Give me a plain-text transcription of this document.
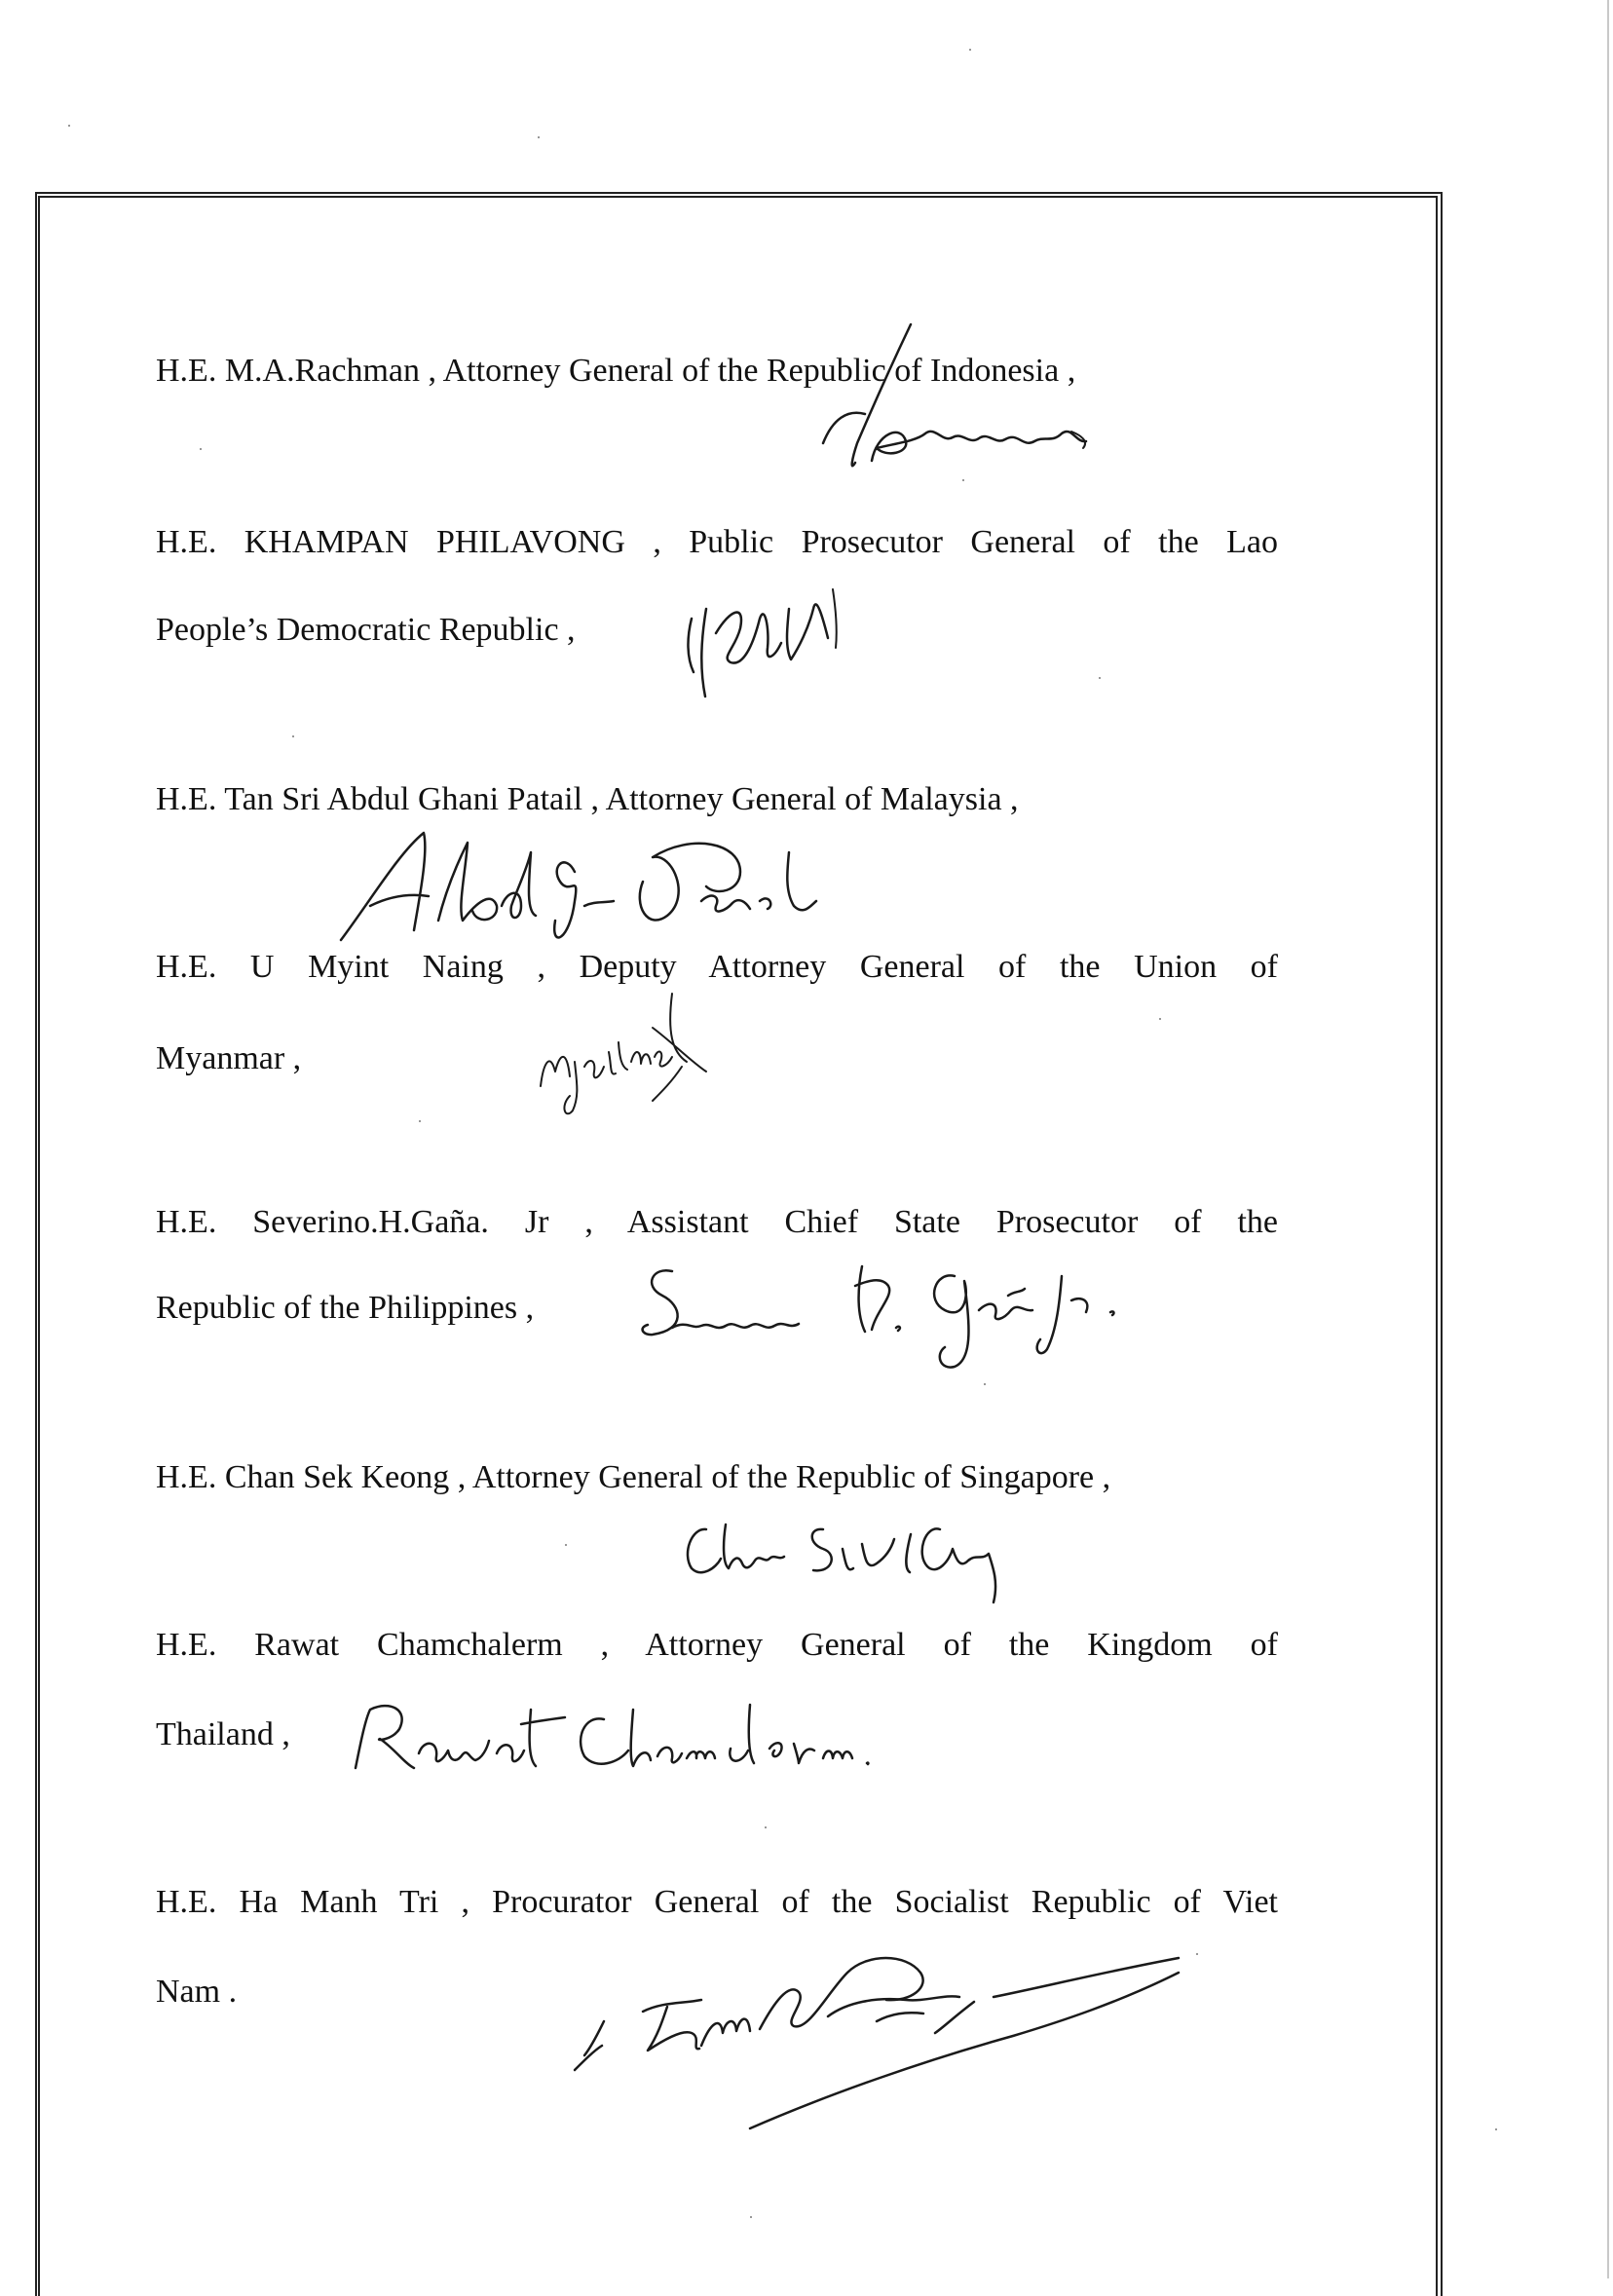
H.E. M.A.Rachman , Attorney General of the Republic of Indonesia ,
H.E. KHAMPAN PHILAVONG , Public Prosecutor General of the Lao
People’s Democratic Republic ,
H.E. Tan Sri Abdul Ghani Patail , Attorney General of Malaysia ,
H.E. U Myint Naing , Deputy Attorney General of the Union of
Myanmar ,
H.E. Severino.H.Gaña. Jr , Assistant Chief State Prosecutor of the
Republic of the Philippines ,
H.E. Chan Sek Keong , Attorney General of the Republic of Singapore ,
H.E. Rawat Chamchalerm , Attorney General of the Kingdom of
Thailand ,
H.E. Ha Manh Tri , Procurator General of the Socialist Republic of Viet
Nam .
